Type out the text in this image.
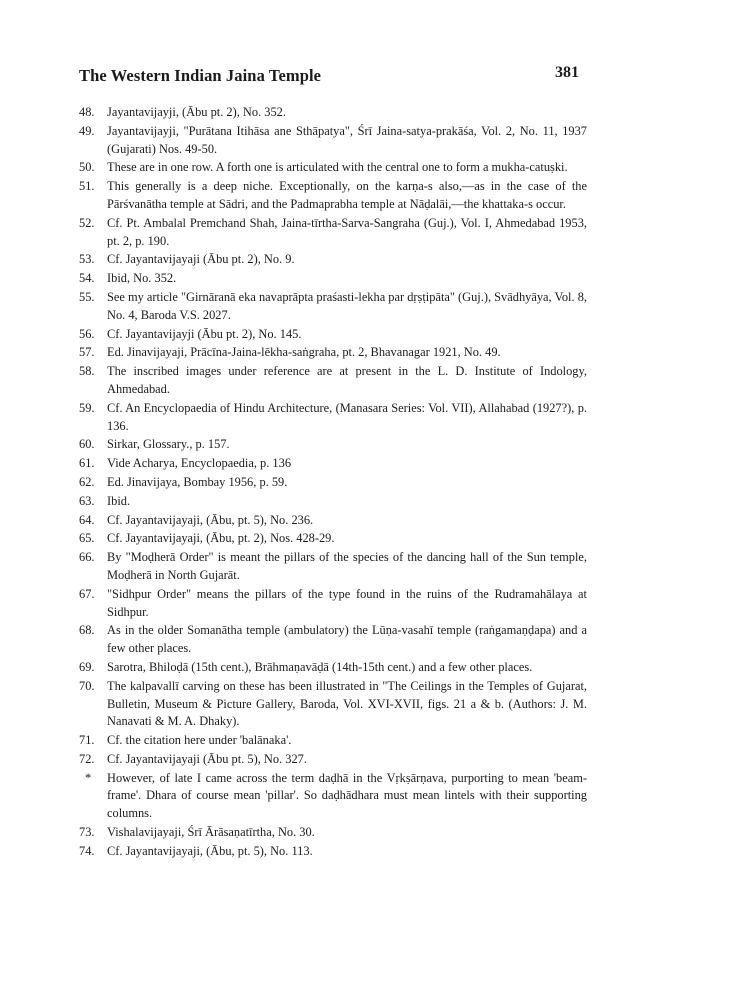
The Western Indian Jaina Temple	381
48.	Jayantavijayji, (Ābu pt. 2), No. 352.
49.	Jayantavijayji, "Purātana Itihāsa ane Sthāpatya", Śrī Jaina-satya-prakāśa, Vol. 2, No. 11, 1937 (Gujarati) Nos. 49-50.
50.	These are in one row. A forth one is articulated with the central one to form a mukha-catuṣki.
51.	This generally is a deep niche. Exceptionally, on the karṇa-s also,—as in the case of the Pārśvanātha temple at Sādri, and the Padmaprabha temple at Nāḍalāi,—the khattaka-s occur.
52.	Cf. Pt. Ambalal Premchand Shah, Jaina-tīrtha-Sarva-Sangraha (Guj.), Vol. I, Ahmedabad 1953, pt. 2, p. 190.
53.	Cf. Jayantavijayaji (Ābu pt. 2), No. 9.
54.	Ibid, No. 352.
55.	See my article "Girnāranā eka navaprāpta praśasti-lekha par dṛṣṭipāta" (Guj.), Svādhyāya, Vol. 8, No. 4, Baroda V.S. 2027.
56.	Cf. Jayantavijayji (Ābu pt. 2), No. 145.
57.	Ed. Jinavijayaji, Prācīna-Jaina-lēkha-saṅgraha, pt. 2, Bhavanagar 1921, No. 49.
58.	The inscribed images under reference are at present in the L. D. Institute of Indology, Ahmedabad.
59.	Cf. An Encyclopaedia of Hindu Architecture, (Manasara Series: Vol. VII), Allahabad (1927?), p. 136.
60.	Sirkar, Glossary., p. 157.
61.	Vide Acharya, Encyclopaedia, p. 136
62.	Ed. Jinavijaya, Bombay 1956, p. 59.
63.	Ibid.
64.	Cf. Jayantavijayaji, (Ābu, pt. 5), No. 236.
65.	Cf. Jayantavijayaji, (Ābu, pt. 2), Nos. 428-29.
66.	By "Moḍherā Order" is meant the pillars of the species of the dancing hall of the Sun temple, Moḍherā in North Gujarāt.
67.	"Sidhpur Order" means the pillars of the type found in the ruins of the Rudramahālaya at Sidhpur.
68.	As in the older Somanātha temple (ambulatory) the Lūṇa-vasahī temple (raṅgamaṇḍapa) and a few other places.
69.	Sarotra, Bhiloḍā (15th cent.), Brāhmaṇavāḍā (14th-15th cent.) and a few other places.
70.	The kalpavallī carving on these has been illustrated in "The Ceilings in the Temples of Gujarat, Bulletin, Museum & Picture Gallery, Baroda, Vol. XVI-XVII, figs. 21 a & b. (Authors: J. M. Nanavati & M. A. Dhaky).
71.	Cf. the citation here under 'balānaka'.
72.	Cf. Jayantavijayaji (Ābu pt. 5), No. 327.
*	However, of late I came across the term daḍhā in the Vṛkṣārṇava, purporting to mean 'beam-frame'. Dhara of course mean 'pillar'. So daḍhādhara must mean lintels with their supporting columns.
73.	Vishalavijayaji, Śrī Ārāsaṇatīrtha, No. 30.
74.	Cf. Jayantavijayaji, (Ābu, pt. 5), No. 113.
